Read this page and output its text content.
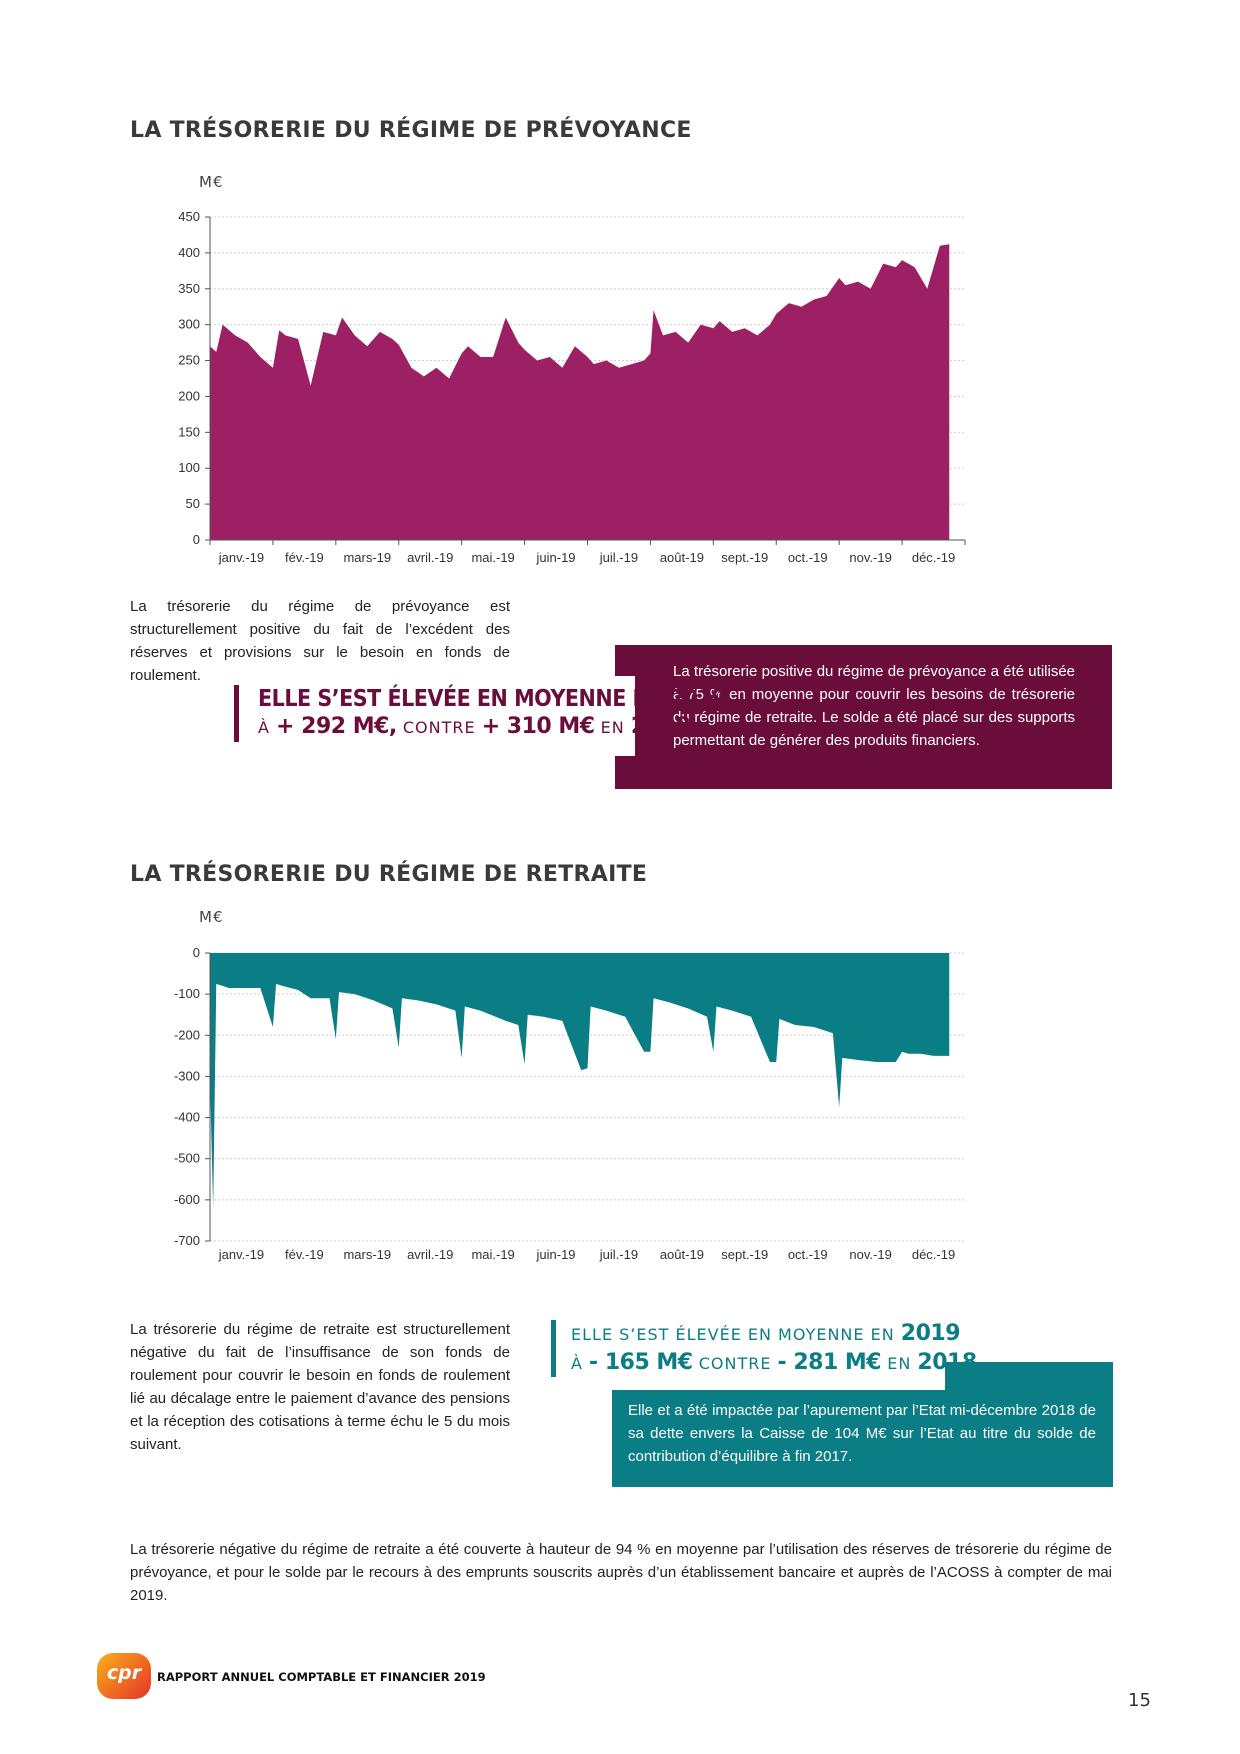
LA TRÉSORERIE DU RÉGIME DE PRÉVOYANCE
M€
0
50
100
150
200
250
300
350
400
450
janv.-19 fév.-19 mars-19 avril.-19 mai.-19 juin-19 juil.-19 août-19 sept.-19 oct.-19 nov.-19 déc.-19

La trésorerie du régime de prévoyance est structurellement positive du fait de l’excédent des réserves et provisions sur le besoin en fonds de roulement.	La trésorerie positive du régime de prévoyance a été utilisée à 75 % en moyenne pour couvrir les besoins de trésorerie du régime de retraite. Le solde a été placé sur des supports permettant de générer des produits financiers.
ELLE S’EST ÉLEVÉE EN MOYENNE EN 2019
À + 292 M€, CONTRE + 310 M€ EN 2018.
LA TRÉSORERIE DU RÉGIME DE RETRAITE
M€
0
-100
-200
-300
-400
-500
-600
-700
janv.-19 fév.-19 mars-19 avril.-19 mai.-19 juin-19 juil.-19 août-19 sept.-19 oct.-19 nov.-19 déc.-19

La trésorerie du régime de retraite est structurellement négative du fait de l’insuffisance de son fonds de roulement pour couvrir le besoin en fonds de roulement lié au décalage entre le paiement d’avance des pensions et la réception des cotisations à terme échu le 5 du mois suivant.

Elle et a été impactée par l’apurement par l’Etat mi-décembre 2018 de sa dette envers la Caisse de 104 M€ sur l’Etat au titre du solde de contribution d’équilibre à fin 2017.
ELLE S’EST ÉLEVÉE EN MOYENNE EN 2019
À - 165 M€ CONTRE - 281 M€ EN 2018.

La trésorerie négative du régime de retraite a été couverte à hauteur de 94 % en moyenne par l’utilisation des réserves de trésorerie du régime de prévoyance, et pour le solde par le recours à des emprunts souscrits auprès d’un établissement bancaire et auprès de l’ACOSS à compter de mai 2019.

cpr	RAPPORT ANNUEL COMPTABLE ET FINANCIER 2019
15
